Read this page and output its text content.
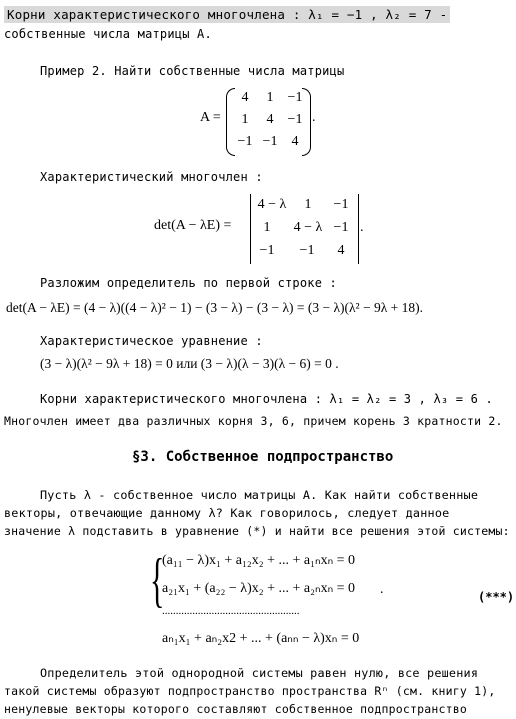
Корни характеристического многочлена : λ₁ = −1 , λ₂ = 7 -
собственные числа матрицы A.
Пример 2. Найти собственные числа матрицы
A =
4	1	−1
1	4	−1
−1 −1	4
.
Характеристический многочлен :
det(A − λE) =
4 − λ	1	−1
1	4 − λ −1
−1	−1	4
.
Разложим определитель по первой строке :
det(A − λE) = (4 − λ)((4 − λ)² − 1) − (3 − λ) − (3 − λ) = (3 − λ)(λ² − 9λ + 18).
Характеристическое уравнение :
(3 − λ)(λ² − 9λ + 18) = 0 или (3 − λ)(λ − 3)(λ − 6) = 0 .
Корни характеристического многочлена : λ₁ = λ₂ = 3 , λ₃ = 6 .
Многочлен имеет два различных корня 3, 6, причем корень 3 кратности 2.
§3. Собственное подпространство
Пусть λ - собственное число матрицы A. Как найти собственные
векторы, отвечающие данному λ? Как говорилось, следует данное
значение λ подставить в уравнение (*) и найти все решения этой системы:
{
(a₁₁ − λ)x₁ + a₁₂x₂ + ... + a₁ₙxₙ = 0
a₂₁x₁ + (a₂₂ − λ)x₂ + ... + a₂ₙxₙ = 0
..................................................
aₙ₁x₁ + aₙ₂x2 + ... + (aₙₙ − λ)xₙ = 0
.	(***)
Определитель этой однородной системы равен нулю, все решения
такой системы образуют подпространство пространства Rⁿ (см. книгу 1),
ненулевые векторы которого составляют собственное подпространство
